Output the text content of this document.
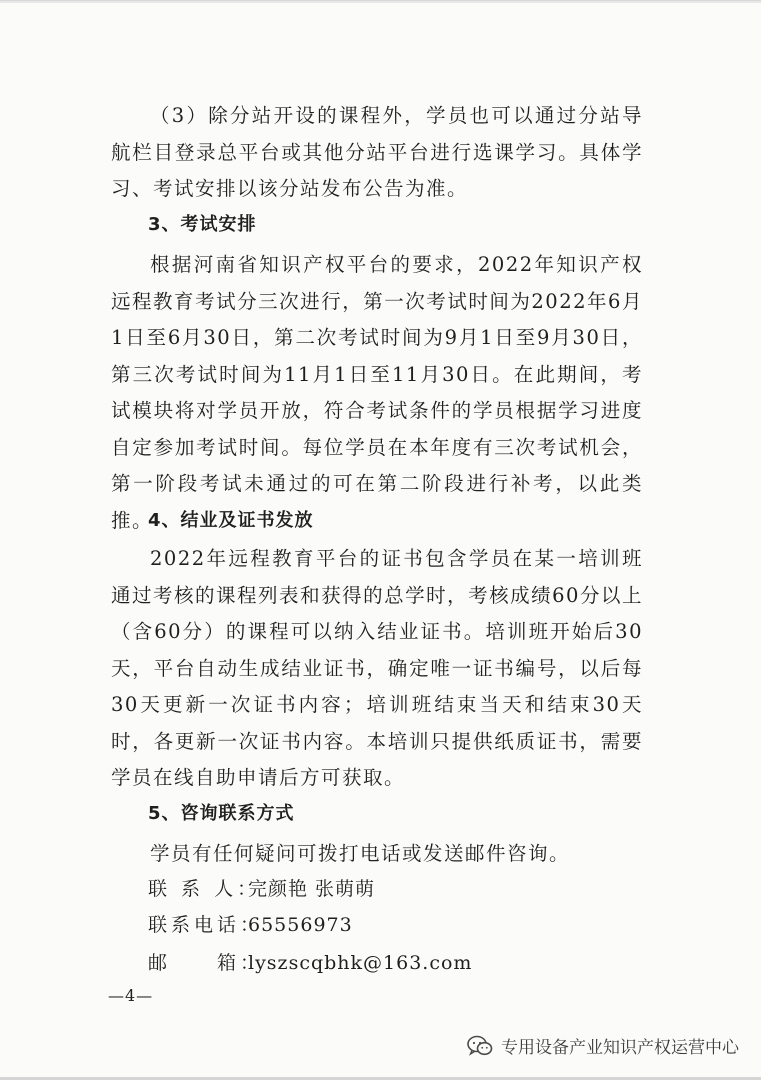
（3）除分站开设的课程外，学员也可以通过分站导航栏目登录总平台或其他分站平台进行选课学习。具体学习、考试安排以该分站发布公告为准。
3、考试安排
根据河南省知识产权平台的要求，2022年知识产权远程教育考试分三次进行，第一次考试时间为2022年6月1日至6月30日，第二次考试时间为9月1日至9月30日，第三次考试时间为11月1日至11月30日。在此期间，考试模块将对学员开放，符合考试条件的学员根据学习进度自定参加考试时间。每位学员在本年度有三次考试机会，第一阶段考试未通过的可在第二阶段进行补考，以此类推。
4、结业及证书发放
2022年远程教育平台的证书包含学员在某一培训班通过考核的课程列表和获得的总学时，考核成绩60分以上（含60分）的课程可以纳入结业证书。培训班开始后30天，平台自动生成结业证书，确定唯一证书编号，以后每30天更新一次证书内容；培训班结束当天和结束30天时，各更新一次证书内容。本培训只提供纸质证书，需要学员在线自助申请后方可获取。
5、咨询联系方式
学员有任何疑问可拨打电话或发送邮件咨询。
联 系 人：完颜艳 张萌萌
联系电话：65556973
邮　　箱：lyszscqbhk@163.com
—4—
专用设备产业知识产权运营中心
